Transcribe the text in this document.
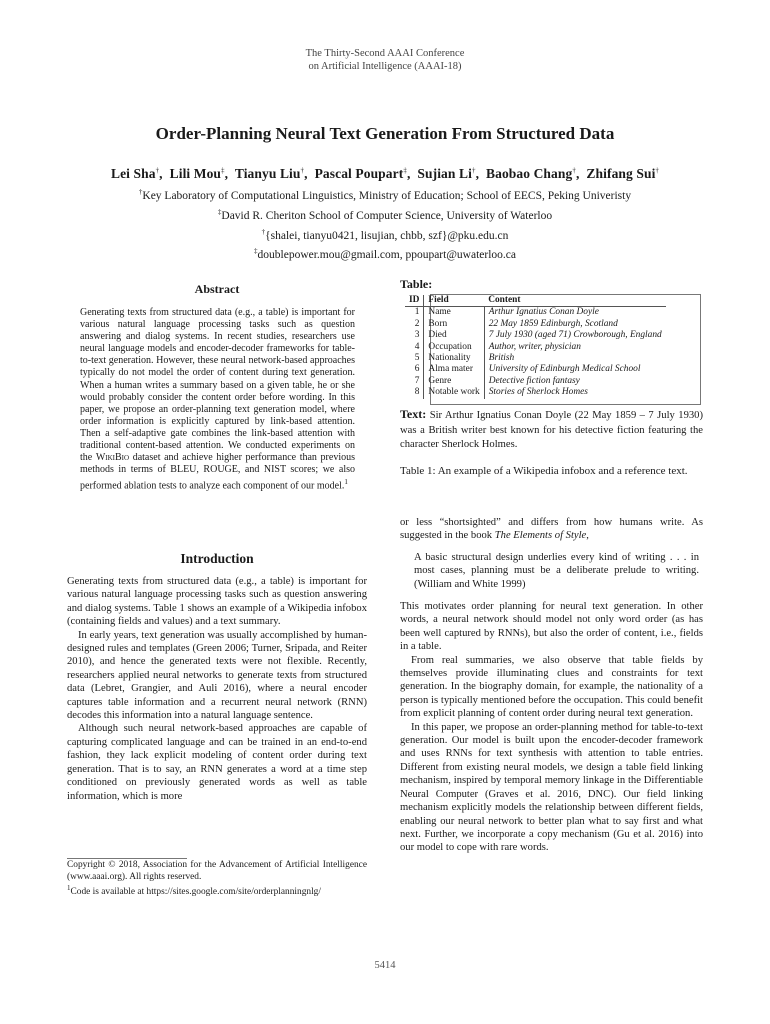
The Thirty-Second AAAI Conference
on Artificial Intelligence (AAAI-18)
Order-Planning Neural Text Generation From Structured Data
Lei Sha†,  Lili Mou‡,  Tianyu Liu†,  Pascal Poupart‡,  Sujian Li†,  Baobao Chang†,  Zhifang Sui†
†Key Laboratory of Computational Linguistics, Ministry of Education; School of EECS, Peking Univeristy
‡David R. Cheriton School of Computer Science, University of Waterloo
†{shalei, tianyu0421, lisujian, chbb, szf}@pku.edu.cn
‡doublepower.mou@gmail.com, ppoupart@uwaterloo.ca
Abstract
Generating texts from structured data (e.g., a table) is important for various natural language processing tasks such as question answering and dialog systems. In recent studies, researchers use neural language models and encoder-decoder frameworks for table-to-text generation. However, these neural network-based approaches typically do not model the order of content during text generation. When a human writes a summary based on a given table, he or she would probably consider the content order before wording. In this paper, we propose an order-planning text generation model, where order information is explicitly captured by link-based attention. Then a self-adaptive gate combines the link-based attention with traditional content-based attention. We conducted experiments on the WikiBio dataset and achieve higher performance than previous methods in terms of BLEU, ROUGE, and NIST scores; we also performed ablation tests to analyze each component of our model.$^1$
Introduction

Generating texts from structured data (e.g., a table) is important for various natural language processing tasks such as question answering and dialog systems. Table 1 shows an example of a Wikipedia infobox (containing fields and values) and a text summary.

In early years, text generation was usually accomplished by human-designed rules and templates (Green 2006; Turner, Sripada, and Reiter 2010), and hence the generated texts were not flexible. Recently, researchers applied neural networks to generate texts from structured data (Lebret, Grangier, and Auli 2016), where a neural encoder captures table information and a recurrent neural network (RNN) decodes this information into a natural language sentence.

Although such neural network-based approaches are capable of capturing complicated language and can be trained in an end-to-end fashion, they lack explicit modeling of content order during text generation. That is to say, an RNN generates a word at a time step conditioned on previously generated words as well as table information, which is more

Copyright © 2018, Association for the Advancement of Artificial Intelligence (www.aaai.org). All rights reserved.
$^1$Code is available at https://sites.google.com/site/orderplanningnlg/
Table:
ID	Field	Content
1	Name	Arthur Ignatius Conan Doyle
2	Born	22 May 1859 Edinburgh, Scotland
3	Died	7 July 1930 (aged 71) Crowborough, England
4	Occupation	Author, writer, physician
5	Nationality	British
6	Alma mater	University of Edinburgh Medical School
7	Genre	Detective fiction fantasy
8	Notable work	Stories of Sherlock Homes
Text: Sir Arthur Ignatius Conan Doyle (22 May 1859 – 7 July 1930) was a British writer best known for his detective fiction featuring the character Sherlock Holmes.
Table 1: An example of a Wikipedia infobox and a reference text.

or less “shortsighted” and differs from how humans write. As suggested in the book The Elements of Style,

A basic structural design underlies every kind of writing . . . in most cases, planning must be a deliberate prelude to writing. (William and White 1999)

This motivates order planning for neural text generation. In other words, a neural network should model not only word order (as has been well captured by RNNs), but also the order of content, i.e., fields in a table.

From real summaries, we also observe that table fields by themselves provide illuminating clues and constraints for text generation. In the biography domain, for example, the nationality of a person is typically mentioned before the occupation. This could benefit from explicit planning of content order during neural text generation.

In this paper, we propose an order-planning method for table-to-text generation. Our model is built upon the encoder-decoder framework and uses RNNs for text synthesis with attention to table entries. Different from existing neural models, we design a table field linking mechanism, inspired by temporal memory linkage in the Differentiable Neural Computer (Graves et al. 2016, DNC). Our field linking mechanism explicitly models the relationship between different fields, enabling our neural network to better plan what to say first and what next. Further, we incorporate a copy mechanism (Gu et al. 2016) into our model to cope with rare words.

5414
